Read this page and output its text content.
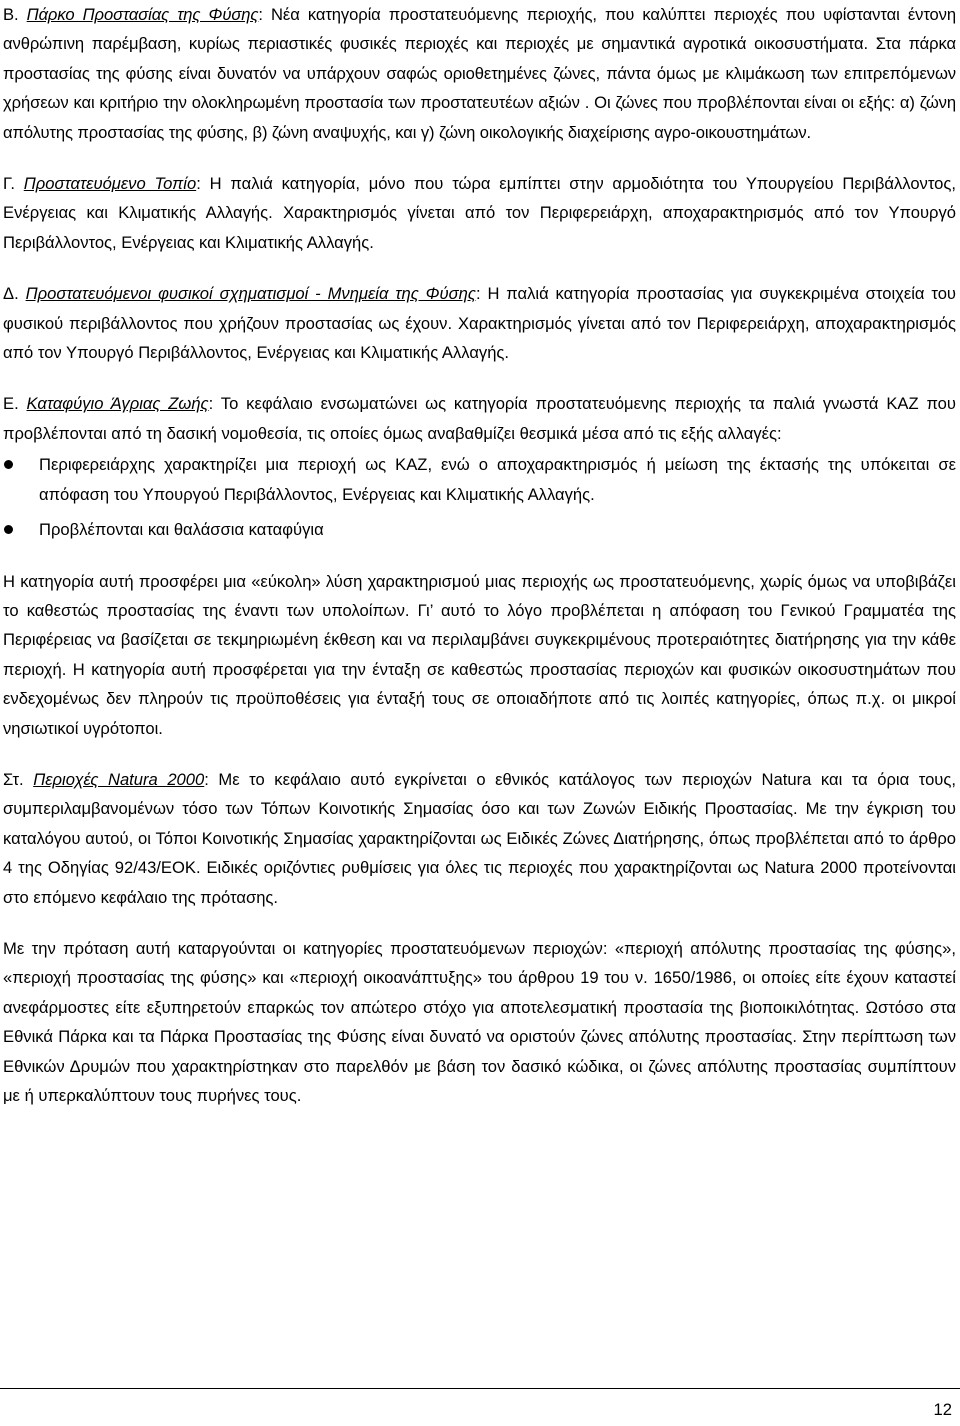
Β. Πάρκο Προστασίας της Φύσης: Νέα κατηγορία προστατευόμενης περιοχής, που καλύπτει περιοχές που υφίστανται έντονη ανθρώπινη παρέμβαση, κυρίως περιαστικές φυσικές περιοχές και περιοχές με σημαντικά αγροτικά οικοσυστήματα. Στα πάρκα προστασίας της φύσης είναι δυνατόν να υπάρχουν σαφώς οριοθετημένες ζώνες, πάντα όμως με κλιμάκωση των επιτρεπόμενων χρήσεων και κριτήριο την ολοκληρωμένη προστασία των προστατευτέων αξιών . Οι ζώνες που προβλέπονται είναι οι εξής: α) ζώνη απόλυτης προστασίας της φύσης, β) ζώνη αναψυχής, και γ) ζώνη οικολογικής διαχείρισης αγρο-οικουστημάτων.

Γ. Προστατευόμενο Τοπίο: Η παλιά κατηγορία, μόνο που τώρα εμπίπτει στην αρμοδιότητα του Υπουργείου Περιβάλλοντος, Ενέργειας και Κλιματικής Αλλαγής. Χαρακτηρισμός γίνεται από τον Περιφερειάρχη, αποχαρακτηρισμός από τον Υπουργό Περιβάλλοντος, Ενέργειας και Κλιματικής Αλλαγής.

Δ. Προστατευόμενοι φυσικοί σχηματισμοί - Μνημεία της Φύσης: Η παλιά κατηγορία προστασίας για συγκεκριμένα στοιχεία του φυσικού περιβάλλοντος που χρήζουν προστασίας ως έχουν. Χαρακτηρισμός γίνεται από τον Περιφερειάρχη, αποχαρακτηρισμός από τον Υπουργό Περιβάλλοντος, Ενέργειας και Κλιματικής Αλλαγής.

Ε. Καταφύγιο Άγριας Ζωής: Το κεφάλαιο ενσωματώνει ως κατηγορία προστατευόμενης περιοχής τα παλιά γνωστά ΚΑΖ που προβλέπονται από τη δασική νομοθεσία, τις οποίες όμως αναβαθμίζει θεσμικά μέσα από τις εξής αλλαγές:

Περιφερειάρχης χαρακτηρίζει μια περιοχή ως ΚΑΖ, ενώ ο αποχαρακτηρισμός ή μείωση της έκτασής της υπόκειται σε απόφαση του Υπουργού Περιβάλλοντος, Ενέργειας και Κλιματικής Αλλαγής.
Προβλέπονται και θαλάσσια καταφύγια

Η κατηγορία αυτή προσφέρει μια «εύκολη» λύση χαρακτηρισμού μιας περιοχής ως προστατευόμενης, χωρίς όμως να υποβιβάζει το καθεστώς προστασίας της έναντι των υπολοίπων. Γι’ αυτό το λόγο προβλέπεται η απόφαση του Γενικού Γραμματέα της Περιφέρειας να βασίζεται σε τεκμηριωμένη έκθεση και να περιλαμβάνει συγκεκριμένους προτεραιότητες διατήρησης για την κάθε περιοχή. Η κατηγορία αυτή προσφέρεται για την ένταξη σε καθεστώς προστασίας περιοχών και φυσικών οικοσυστημάτων που ενδεχομένως δεν πληρούν τις προϋποθέσεις για ένταξή τους σε οποιαδήποτε από τις λοιπές κατηγορίες, όπως π.χ. οι μικροί νησιωτικοί υγρότοποι.

Στ. Περιοχές Natura 2000: Με το κεφάλαιο αυτό εγκρίνεται ο εθνικός κατάλογος των περιοχών Natura και τα όρια τους, συμπεριλαμβανομένων τόσο των Τόπων Κοινοτικής Σημασίας όσο και των Ζωνών Ειδικής Προστασίας. Με την έγκριση του καταλόγου αυτού, οι Τόποι Κοινοτικής Σημασίας χαρακτηρίζονται ως Ειδικές Ζώνες Διατήρησης, όπως προβλέπεται από το άρθρο 4 της Οδηγίας 92/43/ΕΟΚ. Ειδικές οριζόντιες ρυθμίσεις για όλες τις περιοχές που χαρακτηρίζονται ως Natura 2000 προτείνονται στο επόμενο κεφάλαιο της πρότασης.

Με την πρόταση αυτή καταργούνται οι κατηγορίες προστατευόμενων περιοχών: «περιοχή απόλυτης προστασίας της φύσης», «περιοχή προστασίας της φύσης» και «περιοχή οικοανάπτυξης» του άρθρου 19 του ν. 1650/1986, οι οποίες είτε έχουν καταστεί ανεφάρμοστες είτε εξυπηρετούν επαρκώς τον απώτερο στόχο για αποτελεσματική προστασία της βιοποικιλότητας. Ωστόσο στα Εθνικά Πάρκα και τα Πάρκα Προστασίας της Φύσης είναι δυνατό να οριστούν ζώνες απόλυτης προστασίας. Στην περίπτωση των Εθνικών Δρυμών που χαρακτηρίστηκαν στο παρελθόν με βάση τον δασικό κώδικα, οι ζώνες απόλυτης προστασίας συμπίπτουν με ή υπερκαλύπτουν τους πυρήνες τους.

12
